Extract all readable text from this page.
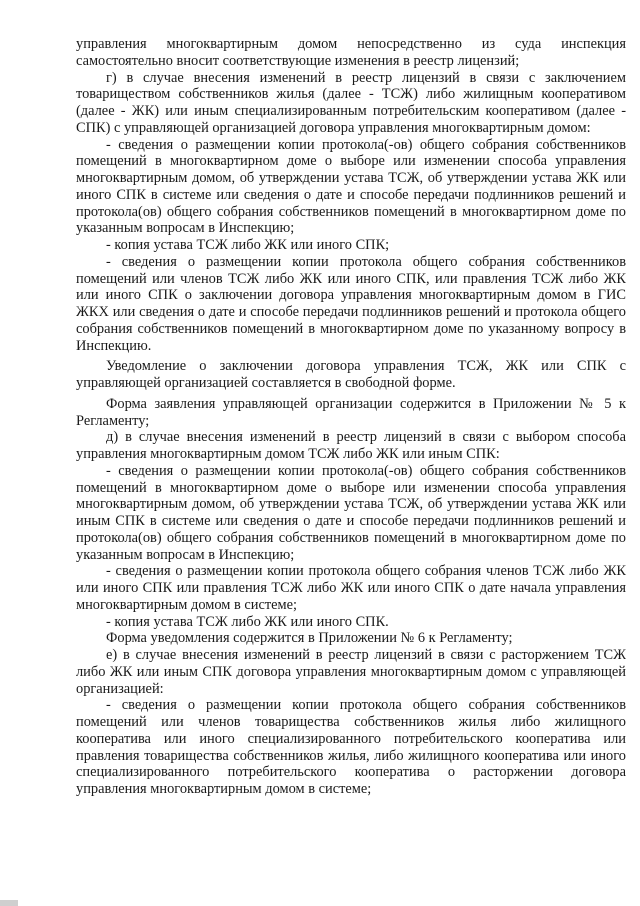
управления многоквартирным домом непосредственно из суда инспекция самостоятельно вносит соответствующие изменения в реестр лицензий;

г) в случае внесения изменений в реестр лицензий в связи с заключением товариществом собственников жилья (далее - ТСЖ) либо жилищным кооперативом (далее - ЖК) или иным специализированным потребительским кооперативом (далее - СПК) с управляющей организацией договора управления многоквартирным домом:

- сведения о размещении копии протокола(-ов) общего собрания собственников помещений в многоквартирном доме о выборе или изменении способа управления многоквартирным домом, об утверждении устава ТСЖ, об утверждении устава ЖК или иного СПК в системе или сведения о дате и способе передачи подлинников решений и протокола(ов) общего собрания собственников помещений в многоквартирном доме по указанным вопросам в Инспекцию;

- копия устава ТСЖ либо ЖК или иного СПК;

- сведения о размещении копии протокола общего собрания собственников помещений или членов ТСЖ либо ЖК или иного СПК, или правления ТСЖ либо ЖК или иного СПК о заключении договора управления многоквартирным домом в ГИС ЖКХ или сведения о дате и способе передачи подлинников решений и протокола общего собрания собственников помещений в многоквартирном доме по указанному вопросу в Инспекцию.

Уведомление о заключении договора управления ТСЖ, ЖК или СПК с управляющей организацией составляется в свободной форме.

Форма заявления управляющей организации содержится в Приложении № 5 к Регламенту;

д) в случае внесения изменений в реестр лицензий в связи с выбором способа управления многоквартирным домом ТСЖ либо ЖК или иным СПК:

- сведения о размещении копии протокола(-ов) общего собрания собственников помещений в многоквартирном доме о выборе или изменении способа управления многоквартирным домом, об утверждении устава ТСЖ, об утверждении устава ЖК или иным СПК в системе или сведения о дате и способе передачи подлинников решений и протокола(ов) общего собрания собственников помещений в многоквартирном доме по указанным вопросам в Инспекцию;

- сведения о размещении копии протокола общего собрания членов ТСЖ либо ЖК или иного СПК или правления ТСЖ либо ЖК или иного СПК о дате начала управления многоквартирным домом в системе;

- копия устава ТСЖ либо ЖК или иного СПК.

Форма уведомления содержится в Приложении № 6 к Регламенту;

е) в случае внесения изменений в реестр лицензий в связи с расторжением ТСЖ либо ЖК или иным СПК договора управления многоквартирным домом с управляющей организацией:

- сведения о размещении копии протокола общего собрания собственников помещений или членов товарищества собственников жилья либо жилищного кооператива или иного специализированного потребительского кооператива или правления товарищества собственников жилья, либо жилищного кооператива или иного специализированного потребительского кооператива о расторжении договора управления многоквартирным домом в системе;
